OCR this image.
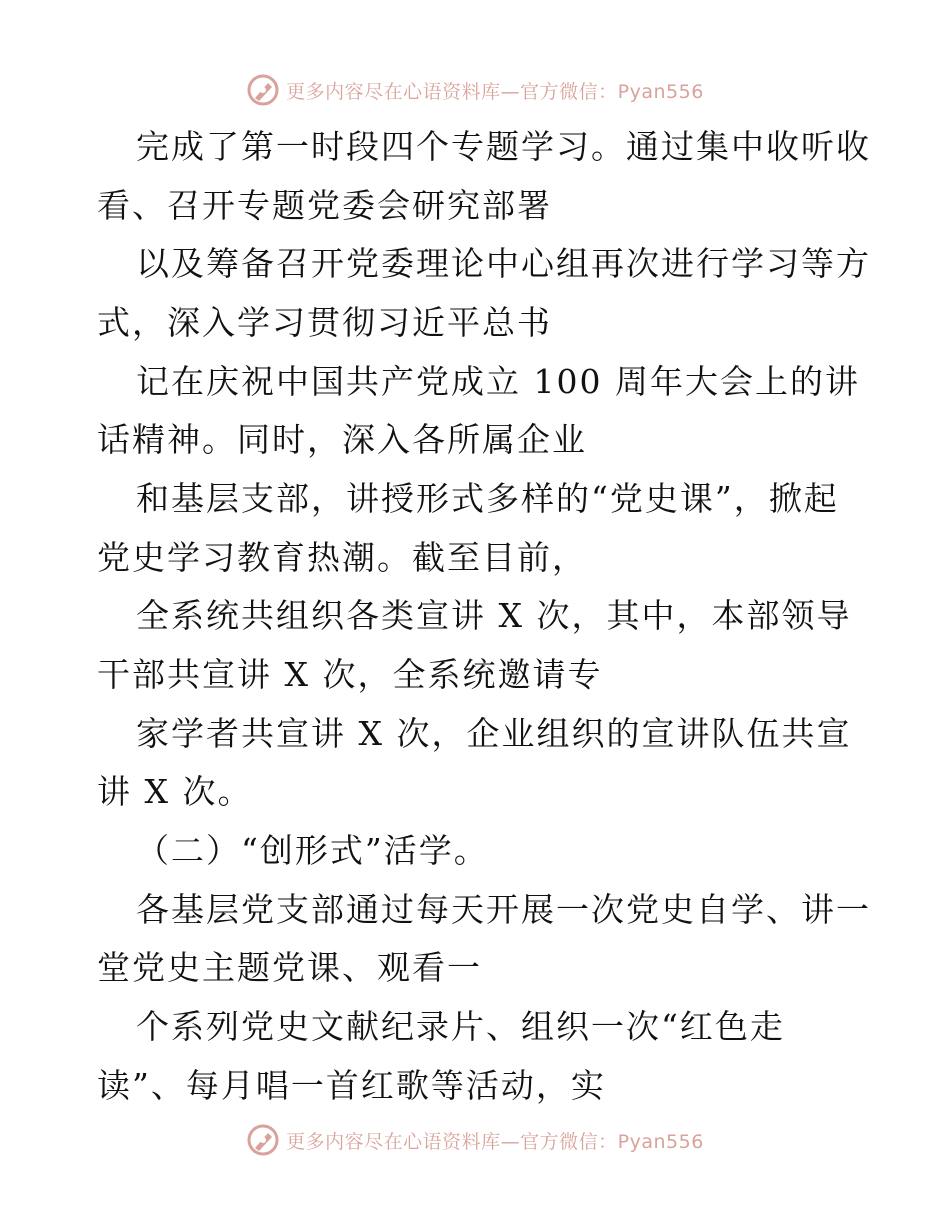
更多内容尽在心语资料库—官方微信：Pyan556
完成了第一时段四个专题学习。通过集中收听收
看、召开专题党委会研究部署
以及筹备召开党委理论中心组再次进行学习等方
式，深入学习贯彻习近平总书
记在庆祝中国共产党成立 100 周年大会上的讲
话精神。同时，深入各所属企业
和基层支部，讲授形式多样的“党史课”，掀起
党史学习教育热潮。截至目前，
全系统共组织各类宣讲 X 次，其中，本部领导
干部共宣讲 X 次，全系统邀请专
家学者共宣讲 X 次，企业组织的宣讲队伍共宣
讲 X 次。
（二）“创形式”活学。
各基层党支部通过每天开展一次党史自学、讲一
堂党史主题党课、观看一
个系列党史文献纪录片、组织一次“红色走
读”、每月唱一首红歌等活动，实
更多内容尽在心语资料库—官方微信：Pyan556
